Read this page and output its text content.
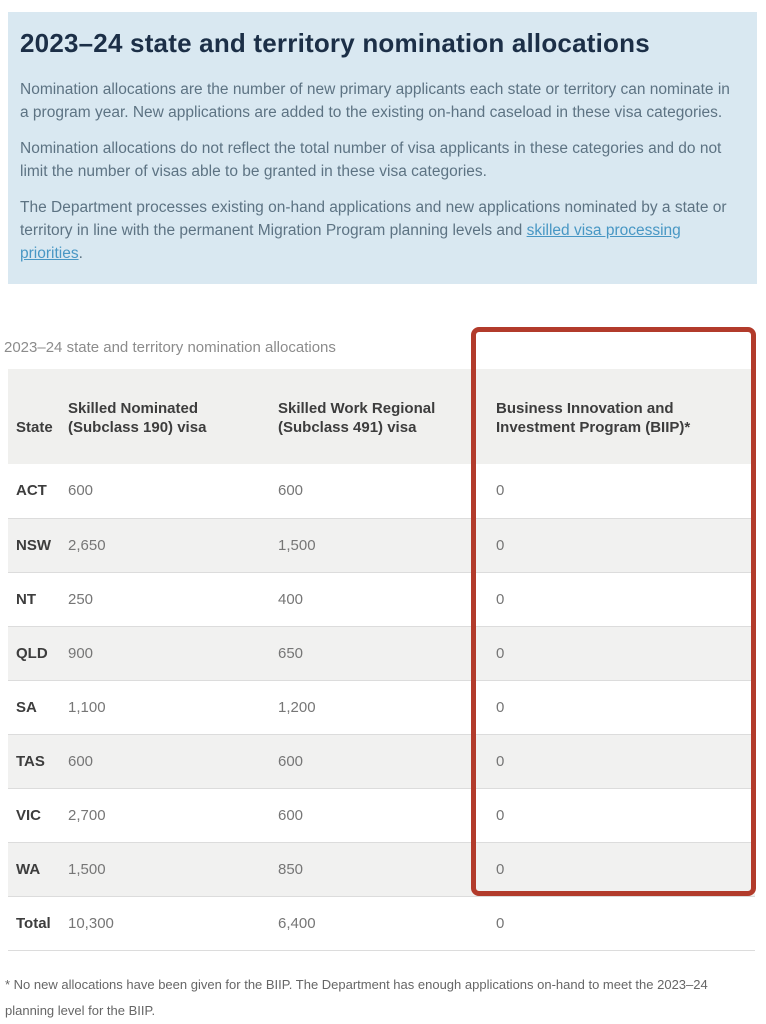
2023–24 state and territory nomination allocations

Nomination allocations are the number of new primary applicants each state or territory can nominate in a program year. New applications are added to the existing on-hand caseload in these visa categories.

Nomination allocations do not reflect the total number of visa applicants in these categories and do not limit the number of visas able to be granted in these visa categories.

The Department processes existing on-hand applications and new applications nominated by a state or territory in line with the permanent Migration Program planning levels and skilled visa processing priorities.

2023–24 state and territory nomination allocations
State	Skilled Nominated (Subclass 190) visa	Skilled Work Regional (Subclass 491) visa	Business Innovation and Investment Program (BIIP)*
ACT	600	600	0
NSW	2,650	1,500	0
NT	250	400	0
QLD	900	650	0
SA	1,100	1,200	0
TAS	600	600	0
VIC	2,700	600	0
WA	1,500	850	0
Total	10,300	6,400	0
* No new allocations have been given for the BIIP. The Department has enough applications on-hand to meet the 2023–24 planning level for the BIIP.
